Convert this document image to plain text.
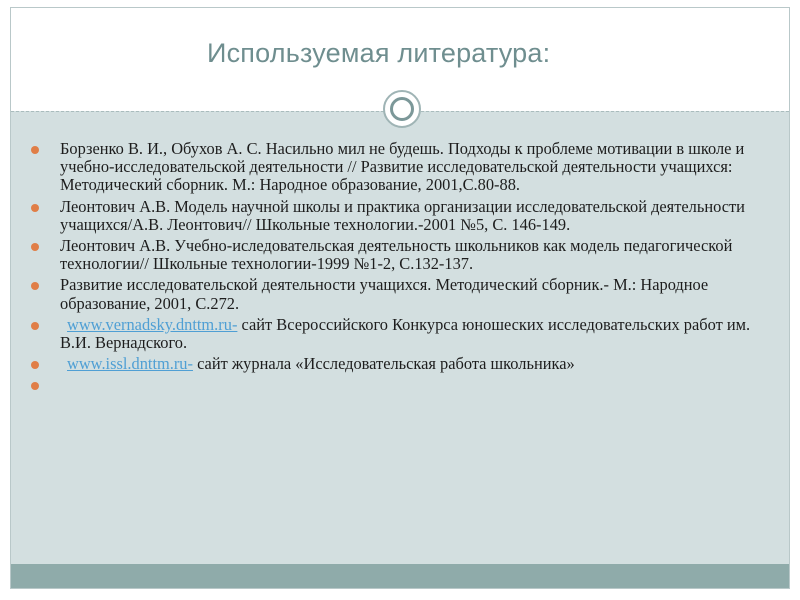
Используемая литература:
Борзенко В. И., Обухов А. С. Насильно мил не будешь. Подходы к проблеме мотивации в школе и учебно-исследовательской деятельности // Развитие исследовательской деятельности учащихся: Методический сборник. М.: Народное образование, 2001,С.80-88.
Леонтович А.В. Модель научной школы и практика организации исследовательской деятельности учащихся/А.В. Леонтович// Школьные технологии.-2001 №5, С. 146-149.
Леонтович А.В. Учебно-иследовательская деятельность школьников как модель педагогической технологии// Школьные технологии-1999 №1-2, С.132-137.
Развитие исследовательской деятельности учащихся. Методический сборник.- М.: Народное образование, 2001, С.272.
www.vernadsky.dnttm.ru- сайт Всероссийского Конкурса юношеских исследовательских работ им. В.И. Вернадского.
www.issl.dnttm.ru- сайт журнала «Исследовательская работа школьника»
